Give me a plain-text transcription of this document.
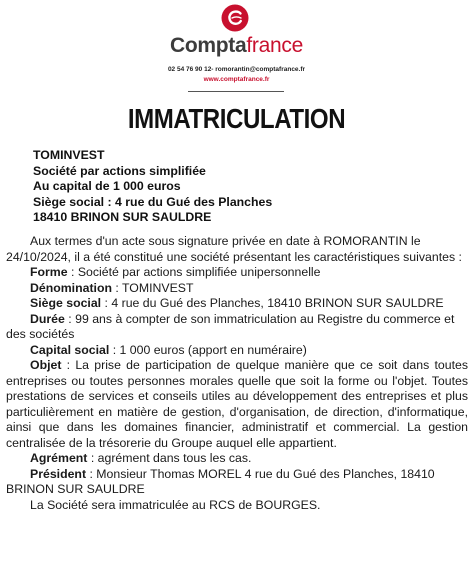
Comptafrance
02 54 76 90 12- romorantin@comptafrance.fr
www.comptafrance.fr
IMMATRICULATION
TOMINVEST
Société par actions simplifiée
Au capital de 1 000 euros
Siège social : 4 rue du Gué des Planches
18410 BRINON SUR SAULDRE

Aux termes d'un acte sous signature privée en date à ROMORANTIN le 24/10/2024, il a été constitué une société présentant les caractéristiques suivantes :

Forme : Société par actions simplifiée unipersonnelle

Dénomination : TOMINVEST

Siège social : 4 rue du Gué des Planches, 18410 BRINON SUR SAULDRE

Durée : 99 ans à compter de son immatriculation au Registre du commerce et des sociétés

Capital social : 1 000 euros (apport en numéraire)

Objet : La prise de participation de quelque manière que ce soit dans toutes entreprises ou toutes personnes morales quelle que soit la forme ou l'objet. Toutes prestations de services et conseils utiles au développement des entreprises et plus particulièrement en matière de gestion, d'organisation, de direction, d'informatique, ainsi que dans les domaines financier, administratif et commercial. La gestion centralisée de la trésorerie du Groupe auquel elle appartient.

Agrément : agrément dans tous les cas.

Président : Monsieur Thomas MOREL 4 rue du Gué des Planches, 18410 BRINON SUR SAULDRE

La Société sera immatriculée au RCS de BOURGES.
